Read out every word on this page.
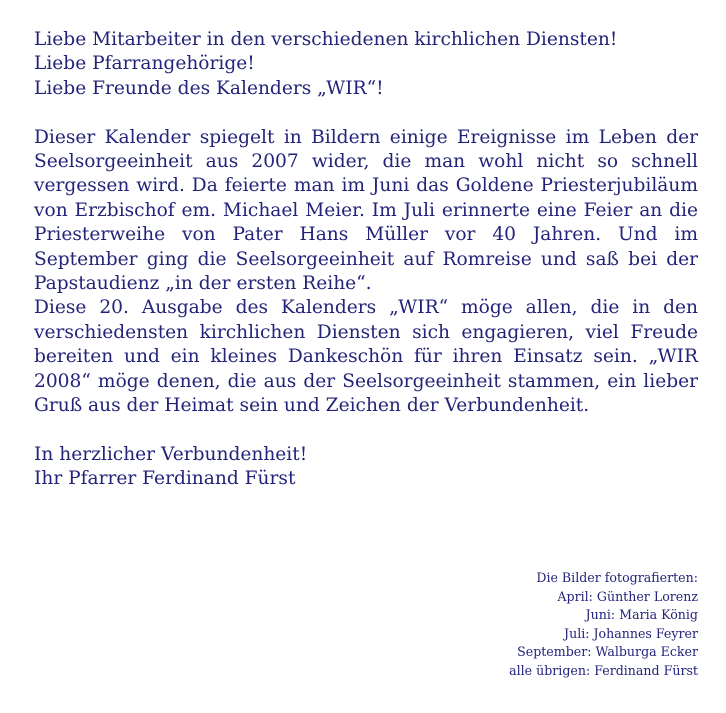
Liebe Mitarbeiter in den verschiedenen kirchlichen Diensten!

Liebe Pfarrangehörige!

Liebe Freunde des Kalenders „WIR“!

Dieser Kalender spiegelt in Bildern einige Ereignisse im Leben der Seelsorgeeinheit aus 2007 wider, die man wohl nicht so schnell vergessen wird. Da feierte man im Juni das Goldene Priesterjubiläum von Erzbischof em. Michael Meier. Im Juli erinnerte eine Feier an die Priesterweihe von Pater Hans Müller vor 40 Jahren. Und im September ging die Seelsorgeeinheit auf Romreise und saß bei der Papstaudienz „in der ersten Reihe“.

Diese 20. Ausgabe des Kalenders „WIR“ möge allen, die in den verschiedensten kirchlichen Diensten sich engagieren, viel Freude bereiten und ein kleines Dankeschön für ihren Einsatz sein. „WIR 2008“ möge denen, die aus der Seelsorgeeinheit stammen, ein lieber Gruß aus der Heimat sein und Zeichen der Verbundenheit.

In herzlicher Verbundenheit!

Ihr Pfarrer Ferdinand Fürst

Die Bilder fotografierten:
April: Günther Lorenz
Juni: Maria König
Juli: Johannes Feyrer
September: Walburga Ecker
alle übrigen: Ferdinand Fürst
